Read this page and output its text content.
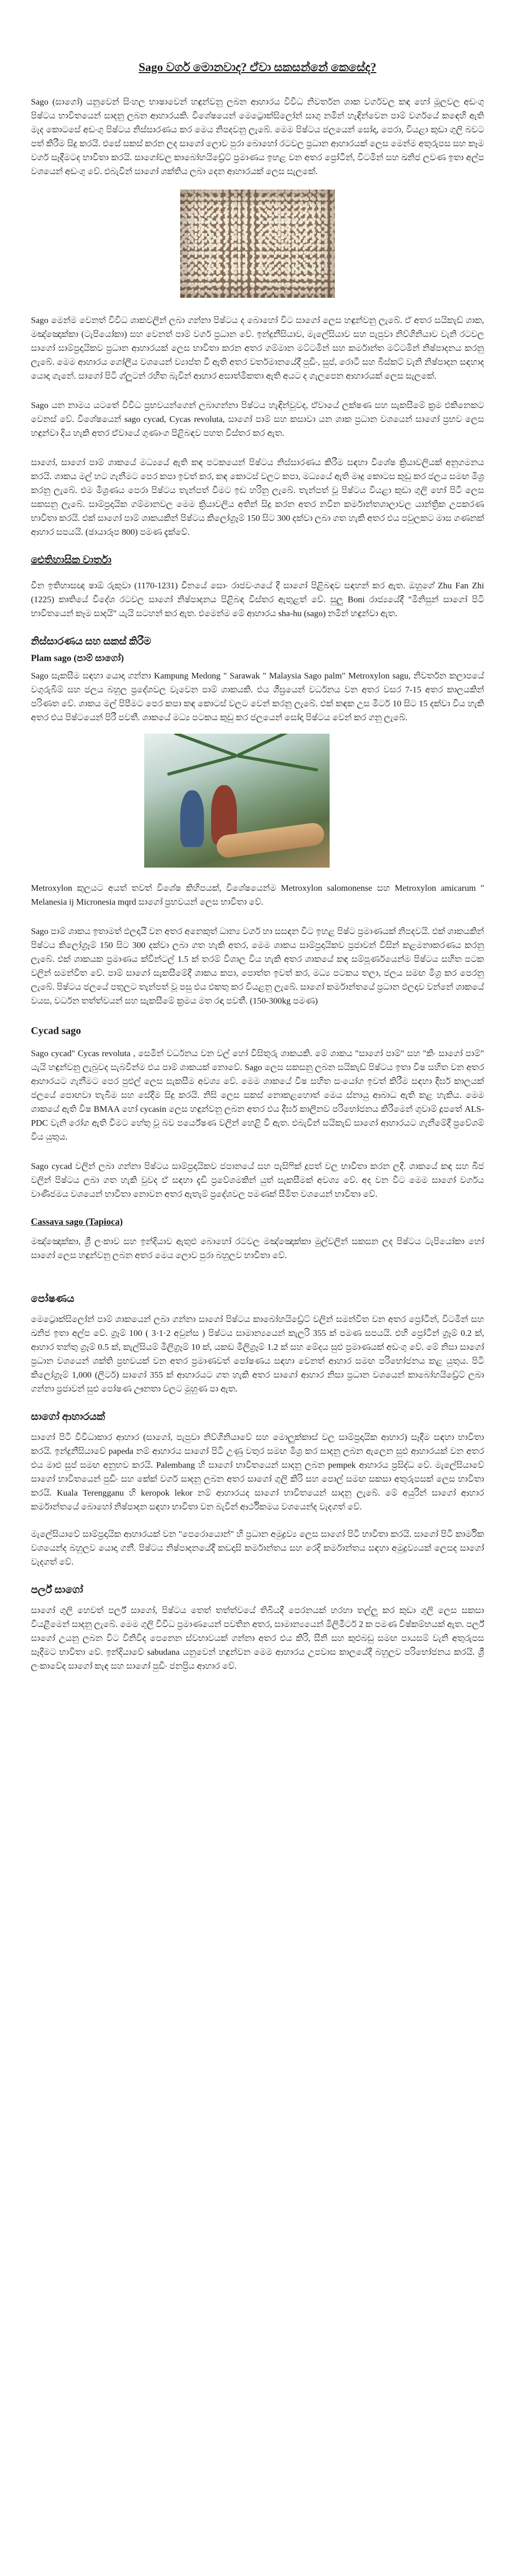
Sago වර්ග මොනවාද? ඒවා සකසන්නේ කෙසේද?

Sago (සාගෝ) යනුවෙන් සිංහල භාෂාවෙන් හඳුන්වනු ලබන ආහාරය විවිධ නිවර්තන ශාක වර්ගවල කඳ හෝ මූලවල අඩංගු පිෂ්ටය භාවිතයෙන් සාදනු ලබන ආහාරයකි. විශේෂයෙන් මෙට්‍රොක්සිලෝන් සාගු නමින් හැඳින්වෙන පාම් වර්ගයේ කඳෙහි ඇති මැද කොටසේ අඩංගු පිෂ්ටය නිස්සාරණය කර මෙය නිපදවනු ලැබේ. මෙම පිෂ්ටය ජලයෙන් සෝදා, පෙරා, වියළා කුඩා ගුලි බවට පත් කිරීම සිදු කරයි. එසේ සකස් කරන ලද සාගෝ ලොව පුරා බොහෝ රටවල ප්‍රධාන ආහාරයක් ලෙස මෙන්ම අතුරුපස සහ කෑම වර්ග සෑදීමටද භාවිතා කරයි. සාගෝවල කාබෝහයිඩ්‍රේට් ප්‍රමාණය ඉහළ වන අතර ප්‍රෝටීන්, විටමින් සහ ඛනිජ ලවණ ඉතා අල්ප වශයෙන් අඩංගු වේ. එබැවින් සාගෝ ශක්තිය ලබා දෙන ආහාරයක් ලෙස සැලකේ.

Sago මෙන්ම වෙනත් විවිධ ශාකවලින් ලබා ගන්නා පිෂ්ටය ද බොහෝ විට සාගෝ ලෙස හඳුන්වනු ලැබේ. ඒ අතර සයිකැඩ් ශාක, මඤ්ඤොක්කා (ටැපියෝකා) සහ වෙනත් පාම් වර්ග ප්‍රධාන වේ. ඉන්දුනීසියාව, මැලේසියාව සහ පැපුවා නිව්ගිනියාව වැනි රටවල සාගෝ සාම්ප්‍රදායිකව ප්‍රධාන ආහාරයක් ලෙස භාවිතා කරන අතර ගම්මාන මට්ටමින් සහ කර්මාන්ත මට්ටමින් නිෂ්පාදනය කරනු ලැබේ. මෙම ආහාරය ගෝලීය වශයෙන් ව්‍යාප්ත වී ඇති අතර වර්තමානයේදී පුඩිං, සුප්, රොටි සහ බිස්කට් වැනි නිෂ්පාදන සඳහාද යොදා ගැනේ. සාගෝ පිටි ග්ලූටන් රහිත බැවින් ආහාර අසාත්මිකතා ඇති අයට ද ගැලපෙන ආහාරයක් ලෙස සැලකේ.

Sago යන නාමය යටතේ විවිධ ප්‍රභවයන්ගෙන් ලබාගන්නා පිෂ්ටය හැඳින්වුවද, ඒවායේ ලක්ෂණ සහ සැකසීමේ ක්‍රම එකිනෙකට වෙනස් වේ. විශේෂයෙන් sago cycad, Cycas revoluta, සාගෝ පාම් සහ කසාවා යන ශාක ප්‍රධාන වශයෙන් සාගෝ ප්‍රභව ලෙස හඳුන්වා දිය හැකි අතර ඒවායේ ගුණාංග පිළිබඳව පහත විස්තර කර ඇත.

සාගෝ, සාගෝ පාම් ශාකයේ මධ්‍යයේ ඇති කඳ පටකයෙන් පිෂ්ටය නිස්සාරණය කිරීම සඳහා විශේෂ ක්‍රියාවලියක් අනුගමනය කරයි. ශාකය මල් හට ගැනීමට පෙර කපා ඉවත් කර, කඳ කොටස් වලට කපා, මධ්‍යයේ ඇති මෘදු කොටස කුඩු කර ජලය සමඟ මිශ්‍ර කරනු ලැබේ. එම මිශ්‍රණය පෙරා පිෂ්ටය තැන්පත් වීමට ඉඩ හරිනු ලැබේ. තැන්පත් වූ පිෂ්ටය වියළා කුඩා ගුලි හෝ පිටි ලෙස සකසනු ලැබේ. සාම්ප්‍රදායික ගම්මානවල මෙම ක්‍රියාවලිය අතින් සිදු කරන අතර නවීන කර්මාන්තශාලාවල යාන්ත්‍රික උපකරණ භාවිතා කරයි. එක් සාගෝ පාම් ශාකයකින් පිෂ්ටය කිලෝග්‍රෑම් 150 සිට 300 දක්වා ලබා ගත හැකි අතර එය පවුලකට මාස ගණනක් ආහාර සපයයි. (ඡායාරූප 800) පමණ දැක්වේ.

ඓතිහාසික වාර්තා

චීන ඉතිහාසඥ ෂාඕ රුකුවා (1170-1231) චීනයේ සොං රාජවංශයේ දී සාගෝ පිළිබඳව සඳහන් කර ඇත. ඔහුගේ Zhu Fan Zhi (1225) කෘතියේ විදේශ රටවල සාගෝ නිෂ්පාදනය පිළිබඳ විස්තර ඇතුළත් වේ. සුලු Boni රාජ්‍යයේදී "මිනිසුන් සාගෝ පිටි භාවිතයෙන් කෑම සාදයි" යැයි සටහන් කර ඇත. එමෙන්ම මේ ආහාරය sha-hu (sago) නමින් හඳුන්වා ඇත.

නිස්සාරණය සහ සකස් කිරීම
Plam sago (පාම් සාගෝ)

Sago සැකසීම සඳහා යොදා ගන්නා Kampung Medong " Sarawak " Malaysia Sago palm" Metroxylon sagu, නිවර්තන කලාපයේ වගුරුබිම් සහ ජලය බහුල ප්‍රදේශවල වැවෙන පාම් ශාකයකි. එය ශීඝ්‍රයෙන් වර්ධනය වන අතර වසර 7-15 අතර කාලයකින් පරිණත වේ. ශාකය මල් පිපීමට පෙර කපා කඳ කොටස් වලට වෙන් කරනු ලැබේ. එක් කඳක උස මීටර් 10 සිට 15 දක්වා විය හැකි අතර එය පිෂ්ටයෙන් පිරී පවතී. ශාකයේ මධ්‍ය පටකය කුඩු කර ජලයෙන් සෝදා පිෂ්ටය වෙන් කර ගනු ලැබේ.

Metroxylon කුලයට අයත් තවත් විශේෂ කිහිපයක්, විශේෂයෙන්ම Metroxylon salomonense සහ Metroxylon amicarum " Melanesia ij Micronesia mqrd සාගෝ ප්‍රභවයන් ලෙස භාවිතා වේ.

Sago පාම් ශාකය ඉතාමත් ඵලදායී වන අතර අනෙකුත් ධාන්‍ය වර්ග හා සසඳන විට ඉහළ පිෂ්ට ප්‍රමාණයක් නිපදවයි. එක් ශාකයකින් පිෂ්ටය කිලෝග්‍රෑම් 150 සිට 300 දක්වා ලබා ගත හැකි අතර, මෙම ශාකය සාම්ප්‍රදායිකව ප්‍රජාවන් විසින් කළමනාකරණය කරනු ලැබේ. එක් ශාකයක ප්‍රමාණය ක්වින්ටල් 1.5 ක් තරම් විශාල විය හැකි අතර ශාකයේ කඳ සම්පූර්ණයෙන්ම පිෂ්ටය සහිත පටක වලින් සමන්විත වේ. පාම් සාගෝ සැකසීමේදී ශාකය කපා, පොත්ත ඉවත් කර, මධ්‍ය පටකය තලා, ජලය සමඟ මිශ්‍ර කර පෙරනු ලැබේ. පිෂ්ටය ජලයේ පතුලට තැන්පත් වූ පසු එය එකතු කර වියළනු ලැබේ. සාගෝ කර්මාන්තයේ ප්‍රධාන ඵලදාව වන්නේ ශාකයේ වයස, වර්ධන තත්ත්වයන් සහ සැකසීමේ ක්‍රමය මත රඳා පවතී. (150-300kg පමණ)

Cycad sago

Sago cycad" Cycas revoluta , සෙමින් වර්ධනය වන වල් හෝ විසිතුරු ශාකයකි. මේ ශාකය "සාගෝ පාම්" සහ "කිං සාගෝ පාම්" යැයි හඳුන්වනු ලැබුවද සැබවින්ම එය පාම් ශාකයක් නොවේ. Sago ලෙස සකසනු ලබන සයිකැඩ් පිෂ්ටය ඉතා විෂ සහිත වන අතර ආහාරයට ගැනීමට පෙර පුළුල් ලෙස සැකසීම අවශ්‍ය වේ. මෙම ශාකයේ විෂ සහිත සංයෝග ඉවත් කිරීම සඳහා දීර්ඝ කාලයක් ජලයේ පොඟවා තැබීම සහ සේදීම සිදු කරයි. නිසි ලෙස සකස් නොකළහොත් මෙය ස්නායු ආබාධ ඇති කළ හැකිය. මෙම ශාකයේ ඇති විෂ BMAA හෝ cycasin ලෙස හඳුන්වනු ලබන අතර එය දීර්ඝ කාලීනව පරිභෝජනය කිරීමෙන් ගුවාම් දූපතේ ALS-PDC වැනි රෝග ඇති වීමට හේතු වූ බව පර්යේෂණ වලින් හෙළි වී ඇත. එබැවින් සයිකැඩ් සාගෝ ආහාරයට ගැනීමේදී ප්‍රවේශම් විය යුතුය.

Sago cycad වලින් ලබා ගන්නා පිෂ්ටය සාම්ප්‍රදායිකව ජපානයේ සහ පැසිෆික් දූපත් වල භාවිතා කරන ලදී. ශාකයේ කඳ සහ බීජ වලින් පිෂ්ටය ලබා ගත හැකි වුවද ඒ සඳහා දැඩි ප්‍රවේශමකින් යුත් සැකසීමක් අවශ්‍ය වේ. අද වන විට මෙම සාගෝ වර්ගය වාණිජමය වශයෙන් භාවිතා නොවන අතර ඇතැම් ප්‍රදේශවල පමණක් සීමිත වශයෙන් භාවිතා වේ.

Cassava sago (Tapioca)

මඤ්ඤොක්කා, ශ්‍රී ලංකාව සහ ඉන්දියාව ඇතුළු බොහෝ රටවල මඤ්ඤොක්කා මුල්වලින් සකසන ලද පිෂ්ටය ටැපියෝකා හෝ සාගෝ ලෙස හඳුන්වනු ලබන අතර මෙය ලොව පුරා බහුලව භාවිතා වේ.

පෝෂණය

මෙට්‍රොක්සිලෝන් පාම් ශාකයෙන් ලබා ගන්නා සාගෝ පිෂ්ටය කාබෝහයිඩ්‍රේට් වලින් සමන්විත වන අතර ප්‍රෝටීන්, විටමින් සහ ඛනිජ ඉතා අල්ප වේ. ග්‍රෑම් 100 ( 3·1·2 අවුන්ස ) පිෂ්ටය සාමාන්‍යයෙන් කැලරි 355 ක් පමණ සපයයි. එහි ප්‍රෝටීන් ග්‍රෑම් 0.2 ක්, ආහාර තන්තු ග්‍රෑම් 0.5 ක්, කැල්සියම් මිලිග්‍රෑම් 10 ක්, යකඩ මිලිග්‍රෑම් 1.2 ක් සහ මේදය සුළු ප්‍රමාණයක් අඩංගු වේ. මේ නිසා සාගෝ ප්‍රධාන වශයෙන් ශක්ති ප්‍රභවයක් වන අතර ප්‍රමාණවත් පෝෂණය සඳහා වෙනත් ආහාර සමඟ පරිභෝජනය කළ යුතුය. පිටි කිලෝග්‍රෑම් 1,000 (ලීටර්) සාගෝ 355 ක් ආහාරයට ගත හැකි අතර සාගෝ ආහාර නිසා ප්‍රධාන වශයෙන් කාබෝහයිඩ්‍රේට් ලබා ගන්නා ප්‍රජාවන් සුළු පෝෂණ ඌනතා වලට මුහුණ පා ඇත.

සාගෝ ආහාරයක්

සාගෝ පිටි විවිධාකාර ආහාර (සාගෝ, පැපුවා නිව්ගිනියාවේ සහ මොලුක්කාස් වල සාම්ප්‍රදායික ආහාර) සෑදීම සඳහා භාවිතා කරයි. ඉන්දුනීසියාවේ papeda නම් ආහාරය සාගෝ පිටි උණු වතුර සමඟ මිශ්‍ර කර සාදනු ලබන ඇලෙන සුළු ආහාරයක් වන අතර එය මාළු සුප් සමඟ අනුභව කරයි. Palembang හි සාගෝ භාවිතයෙන් සාදනු ලබන pempek ආහාරය ප්‍රසිද්ධ වේ. මැලේසියාවේ සාගෝ භාවිතයෙන් පුඩිං සහ කේක් වර්ග සාදනු ලබන අතර සාගෝ ගුලි කිරි සහ පොල් සමඟ සකසා අතුරුපසක් ලෙස භාවිතා කරයි. Kuala Terengganu හි keropok lekor නම් ආහාරයද සාගෝ භාවිතයෙන් සාදනු ලැබේ. මේ අයුරින් සාගෝ ආහාර කර්මාන්තයේ බොහෝ නිෂ්පාදන සඳහා භාවිතා වන බැවින් ආර්ථිකමය වශයෙන්ද වැදගත් වේ.

මැලේසියාවේ සාම්ප්‍රදායික ආහාරයක් වන "පෙරොයොන්" හි ප්‍රධාන අමුද්‍රව්‍ය ලෙස සාගෝ පිටි භාවිතා කරයි. සාගෝ පිටි කාර්මික වශයෙන්ද බහුලව යොදා ගනී. පිෂ්ටය නිෂ්පාදනයේදී කඩදාසි කර්මාන්තය සහ රෙදි කර්මාන්තය සඳහා අමුද්‍රව්‍යයක් ලෙසද සාගෝ වැදගත් වේ.

පර්ල් සාගෝ

සාගෝ ගුලි හෙවත් පර්ල් සාගෝ, පිෂ්ටය තෙත් තත්ත්වයේ තිබියදී පෙරනයක් හරහා තල්ලු කර කුඩා ගුලි ලෙස සකසා වියළීමෙන් සාදනු ලැබේ. මෙම ගුලි විවිධ ප්‍රමාණයෙන් පවතින අතර, සාමාන්‍යයෙන් මිලිමීටර් 2 ක පමණ විෂ්කම්භයක් ඇත. පර්ල් සාගෝ උයනු ලබන විට විනිවිද පෙනෙන ස්වභාවයක් ගන්නා අතර එය කිරි, සීනි සහ කුළුබඩු සමඟ පායසම් වැනි අතුරුපස සෑදීමට භාවිතා වේ. ඉන්දියාවේ sabudana යනුවෙන් හඳුන්වන මෙම ආහාරය උපවාස කාලයේදී බහුලව පරිභෝජනය කරයි. ශ්‍රී ලංකාවේද සාගෝ කැඳ සහ සාගෝ පුඩිං ජනප්‍රිය ආහාර වේ.
